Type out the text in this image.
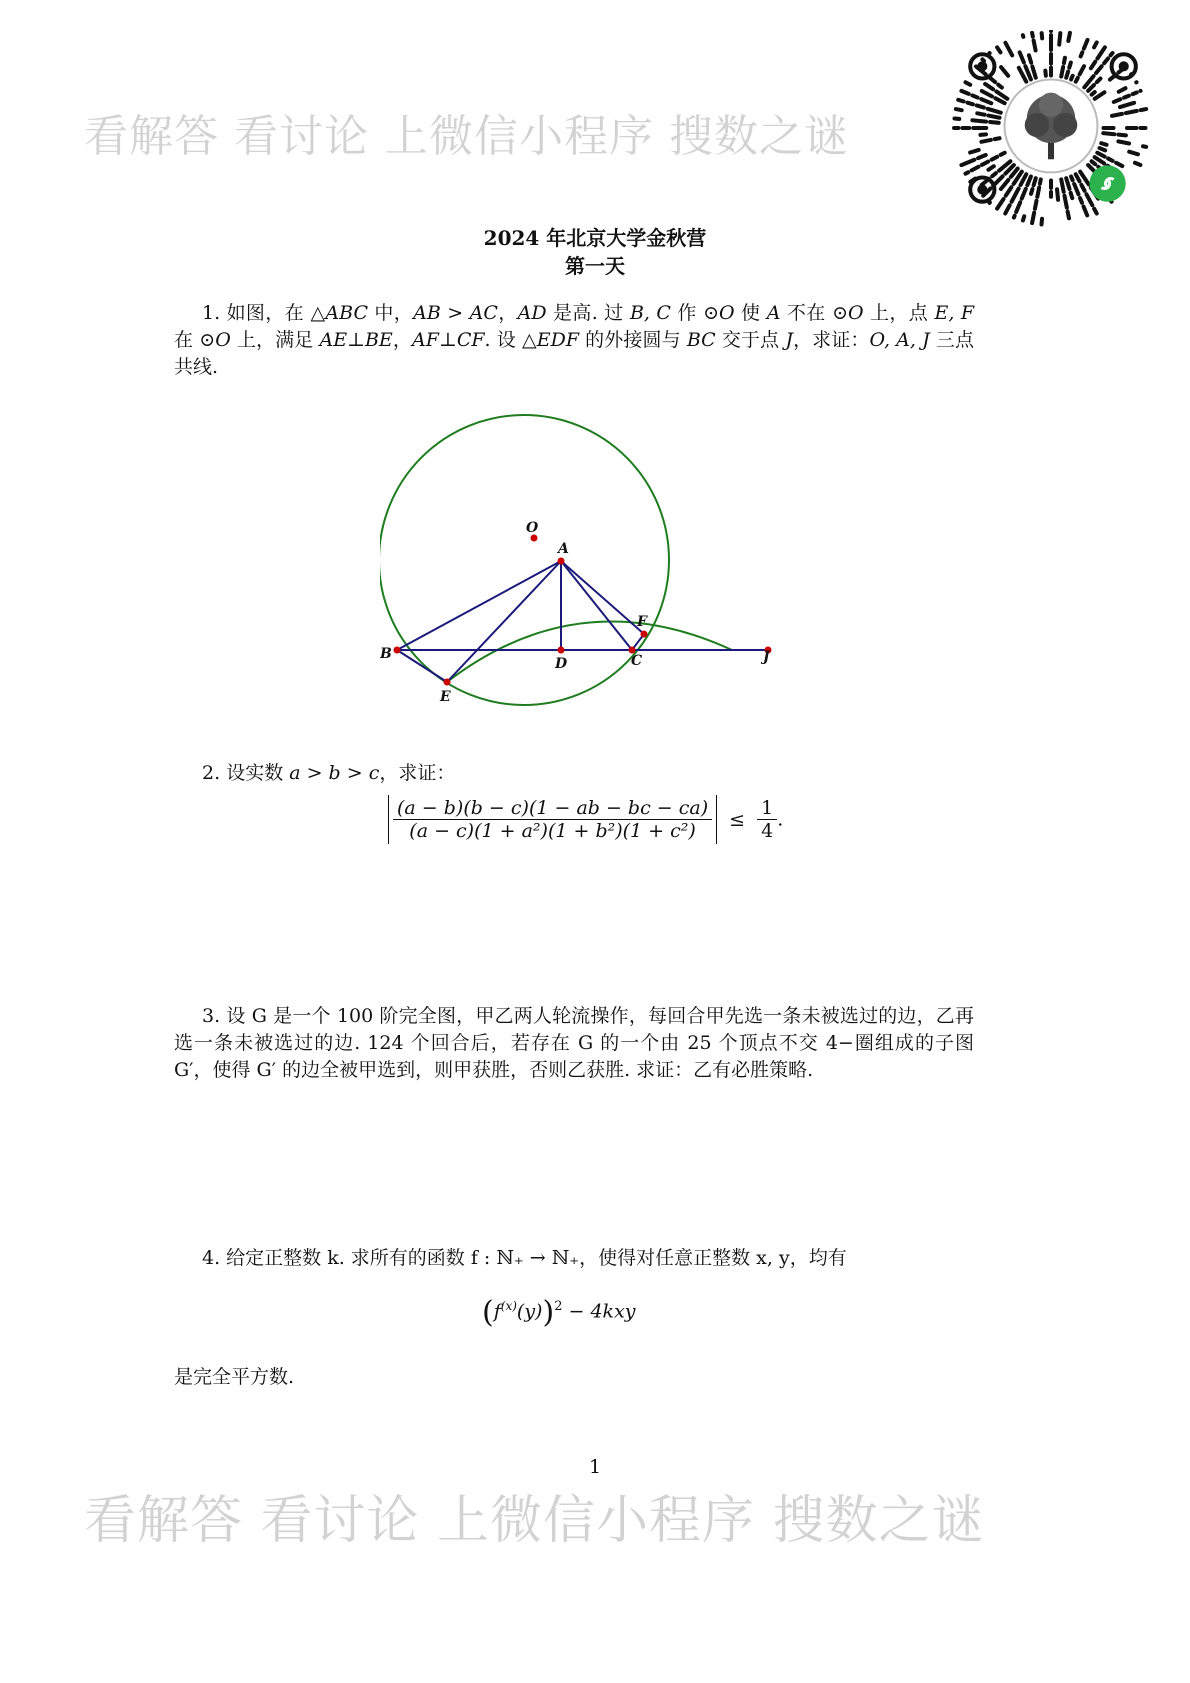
看解答 看讨论 上微信小程序 搜数之谜
看解答 看讨论 上微信小程序 搜数之谜
2024 年北京大学金秋营
第一天
1. 如图，在 △ABC 中，AB > AC，AD 是高. 过 B, C 作 ⊙O 使 A 不在 ⊙O 上，点 E, F 在 ⊙O 上，满足 AE⊥BE，AF⊥CF. 设 △EDF 的外接圆与 BC 交于点 J，求证：O, A, J 三点共线.
O
A
B
D	C
F
E
J
2. 设实数 a > b > c，求证：
$\frac{(a - b)(b - c)(1 - ab - bc - ca)}{\text{(a − c)(1 + a²)(1 + b²)(1 + c²)}} \le \frac{1}{4}$ .
3. 设 G 是一个 100 阶完全图，甲乙两人轮流操作，每回合甲先选一条未被选过的边，乙再选一条未被选过的边. 124 个回合后，若存在 G 的一个由 25 个顶点不交 4−圈组成的子图 G′，使得 G′ 的边全被甲选到，则甲获胜，否则乙获胜. 求证：乙有必胜策略.
4. 给定正整数 k. 求所有的函数 f : ℕ₊ → ℕ₊，使得对任意正整数 x, y，均有
$(f^{(x)}(y))^2 - 4kxy$
是完全平方数.
1
